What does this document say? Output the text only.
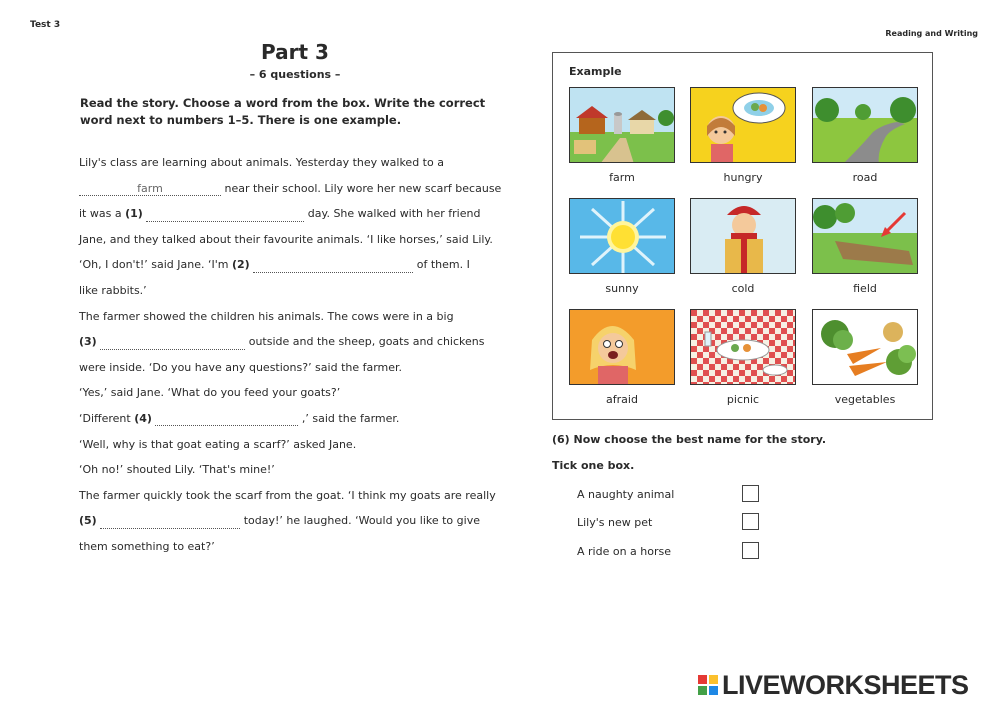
Test 3
Reading and Writing
Part 3
– 6 questions –
Read the story. Choose a word from the box. Write the correct word next to numbers 1–5. There is one example.
Lily's class are learning about animals. Yesterday they walked to a
farm near their school. Lily wore her new scarf because
it was a (1)	day. She walked with her friend
Jane, and they talked about their favourite animals. ‘I like horses,’ said Lily.
‘Oh, I don't!’ said Jane. ‘I'm (2)	of them. I
like rabbits.’
The farmer showed the children his animals. The cows were in a big
(3)	outside and the sheep, goats and chickens
were inside. ‘Do you have any questions?’ said the farmer.
‘Yes,’ said Jane. ‘What do you feed your goats?’
‘Different (4)	,’ said the farmer.
‘Well, why is that goat eating a scarf?’ asked Jane.
‘Oh no!’ shouted Lily. ‘That's mine!’
The farmer quickly took the scarf from the goat. ‘I think my goats are really
(5)	today!’ he laughed. ‘Would you like to give
them something to eat?’
Example
farm	hungry	road
sunny	cold	field
afraid	picnic	vegetables
(6) Now choose the best name for the story.
Tick one box.
A naughty animal
Lily's new pet
A ride on a horse
LIVEWORKSHEETS
